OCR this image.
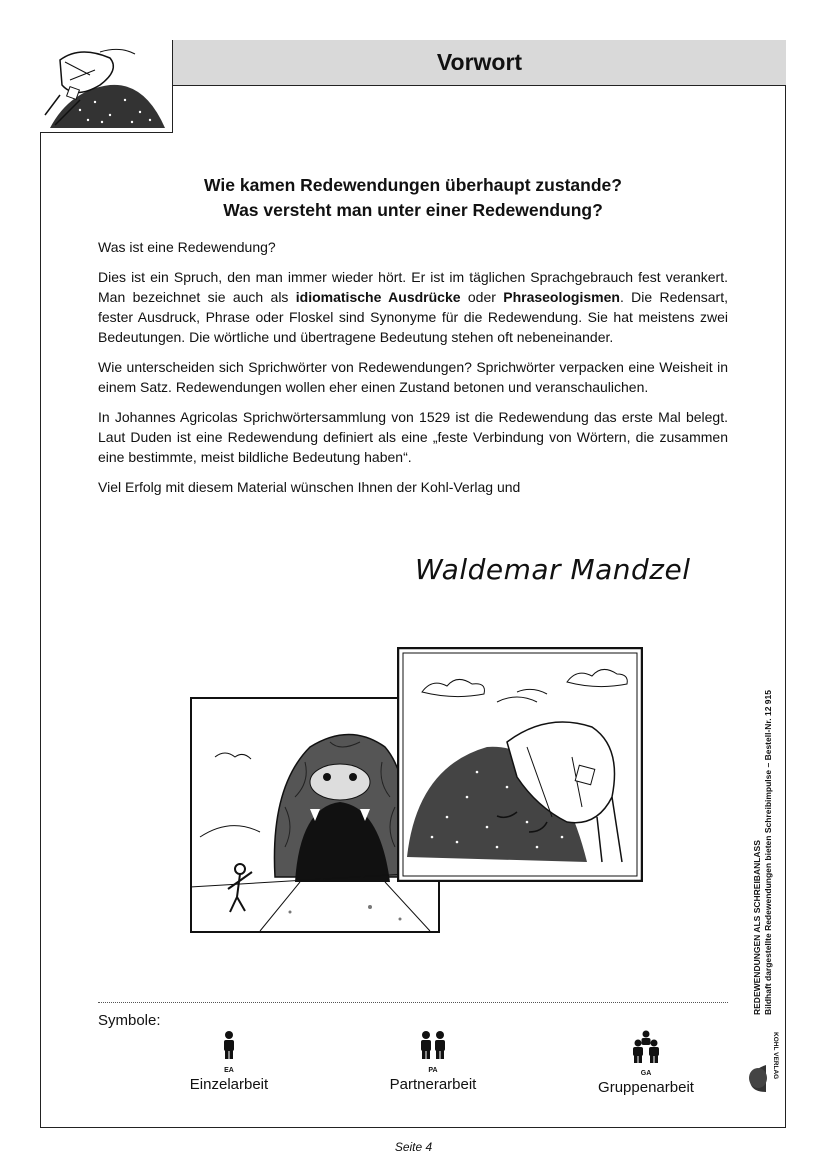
Vorwort
Wie kamen Redewendungen überhaupt zustande?
Was versteht man unter einer Redewendung?

Was ist eine Redewendung?

Dies ist ein Spruch, den man immer wieder hört. Er ist im täglichen Sprachgebrauch fest verankert. Man bezeichnet sie auch als idiomatische Ausdrücke oder Phraseologismen. Die Redensart, fester Ausdruck, Phrase oder Floskel sind Synonyme für die Redewendung. Sie hat meistens zwei Bedeutungen. Die wörtliche und übertragene Bedeutung stehen oft nebeneinander.

Wie unterscheiden sich Sprichwörter von Redewendungen? Sprichwörter verpacken eine Weisheit in einem Satz. Redewendungen wollen eher einen Zustand betonen und veranschaulichen.

In Johannes Agricolas Sprichwörtersammlung von 1529 ist die Redewendung das erste Mal belegt. Laut Duden ist eine Redewendung definiert als eine „feste Verbindung von Wörtern, die zusammen eine bestimmte, meist bildliche Bedeutung haben“.

Viel Erfolg mit diesem Material wünschen Ihnen der Kohl-Verlag und

Waldemar Mandzel
Symbole:
EA
Einzelarbeit
PA
Partnerarbeit
GA
Gruppenarbeit
REDEWENDUNGEN ALS SCHREIBANLASS Bildhaft dargestellte Redewendungen bieten Schreibimpulse – Bestell-Nr. 12 915
KOHL VERLAG
Seite 4
